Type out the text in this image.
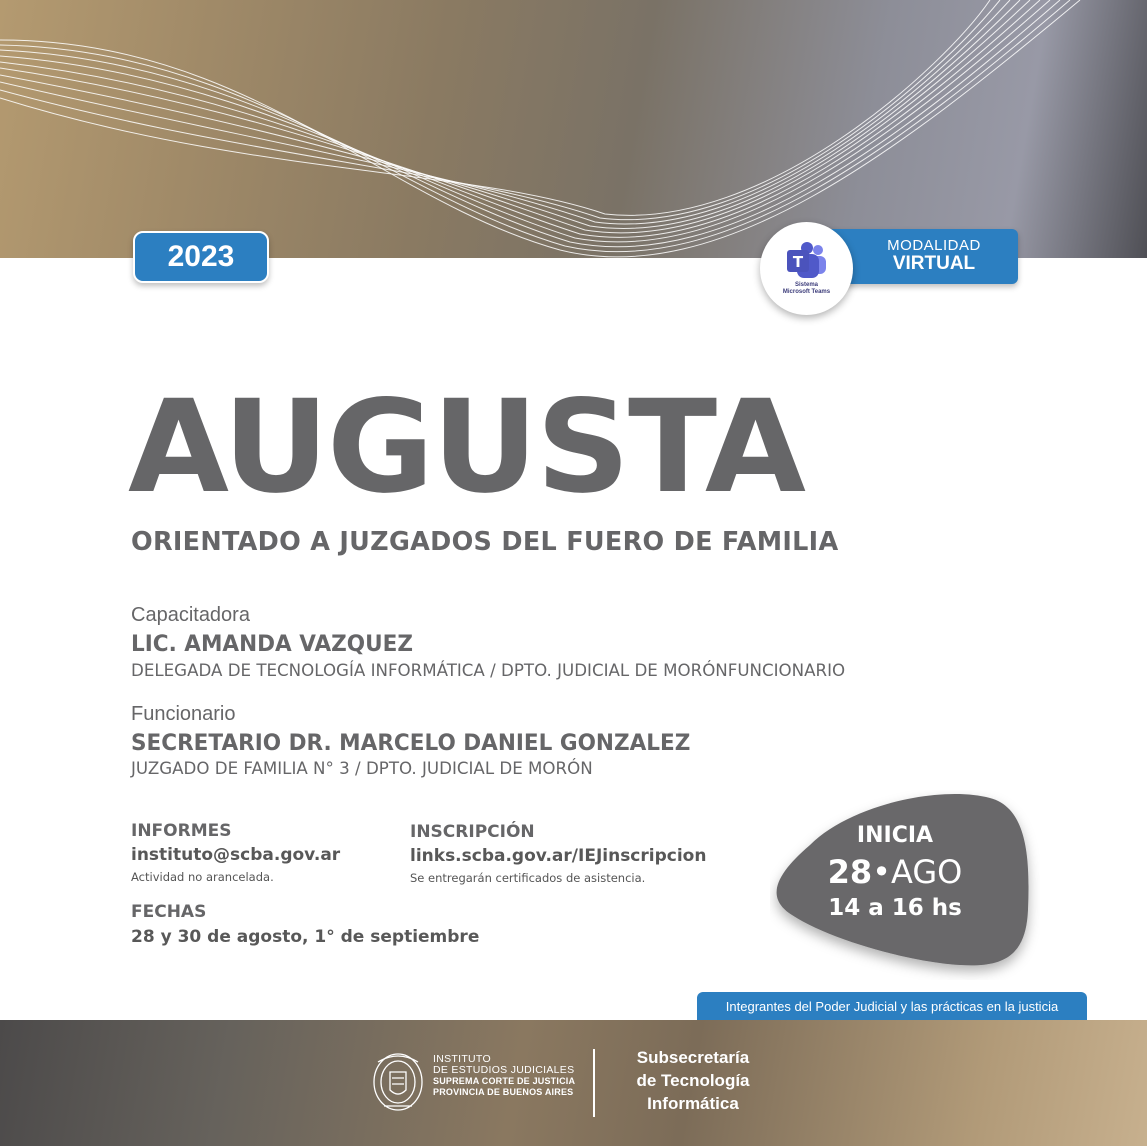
2023	MODALIDAD
VIRTUAL
T
Sistema
Microsoft Teams
AUGUSTA
ORIENTADO A JUZGADOS DEL FUERO DE FAMILIA
Capacitadora
LIC. AMANDA VAZQUEZ
DELEGADA DE TECNOLOGÍA INFORMÁTICA / DPTO. JUDICIAL DE MORÓNFUNCIONARIO
Funcionario
SECRETARIO DR. MARCELO DANIEL GONZALEZ
JUZGADO DE FAMILIA N° 3 / DPTO. JUDICIAL DE MORÓN
INFORMES
instituto@scba.gov.ar
Actividad no arancelada.
INSCRIPCIÓN
links.scba.gov.ar/IEJinscripcion
Se entregarán certificados de asistencia.
FECHAS
28 y 30 de agosto, 1° de septiembre
INICIA
28•AGO
14 a 16 hs
Integrantes del Poder Judicial y las prácticas en la justicia
INSTITUTO
DE ESTUDIOS JUDICIALES
SUPREMA CORTE DE JUSTICIA
PROVINCIA DE BUENOS AIRES
Subsecretaría
de Tecnología
Informática
